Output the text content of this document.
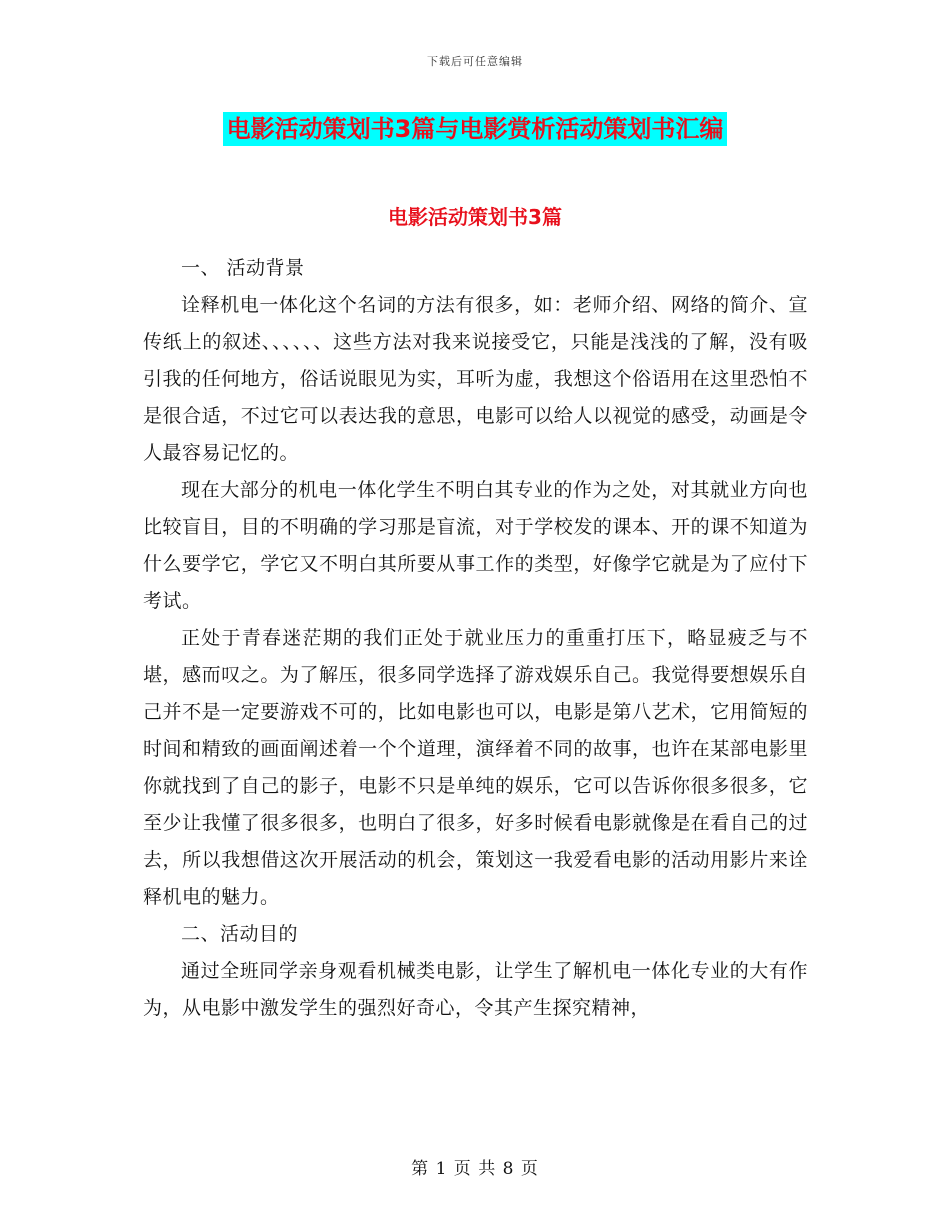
下载后可任意编辑
电影活动策划书3篇与电影赏析活动策划书汇编
电影活动策划书3篇

一、 活动背景

诠释机电一体化这个名词的方法有很多，如：老师介绍、网络的简介、宣传纸上的叙述、、、、、、这些方法对我来说接受它，只能是浅浅的了解，没有吸引我的任何地方，俗话说眼见为实，耳听为虚，我想这个俗语用在这里恐怕不是很合适，不过它可以表达我的意思，电影可以给人以视觉的感受，动画是令人最容易记忆的。

现在大部分的机电一体化学生不明白其专业的作为之处，对其就业方向也比较盲目，目的不明确的学习那是盲流，对于学校发的课本、开的课不知道为什么要学它，学它又不明白其所要从事工作的类型，好像学它就是为了应付下考试。

正处于青春迷茫期的我们正处于就业压力的重重打压下，略显疲乏与不堪，感而叹之。为了解压，很多同学选择了游戏娱乐自己。我觉得要想娱乐自己并不是一定要游戏不可的，比如电影也可以，电影是第八艺术，它用简短的时间和精致的画面阐述着一个个道理，演绎着不同的故事，也许在某部电影里你就找到了自己的影子，电影不只是单纯的娱乐，它可以告诉你很多很多，它至少让我懂了很多很多，也明白了很多，好多时候看电影就像是在看自己的过去，所以我想借这次开展活动的机会，策划这一我爱看电影的活动用影片来诠释机电的魅力。

二、活动目的

通过全班同学亲身观看机械类电影，让学生了解机电一体化专业的大有作为，从电影中激发学生的强烈好奇心，令其产生探究精神，

第 1 页 共 8 页
